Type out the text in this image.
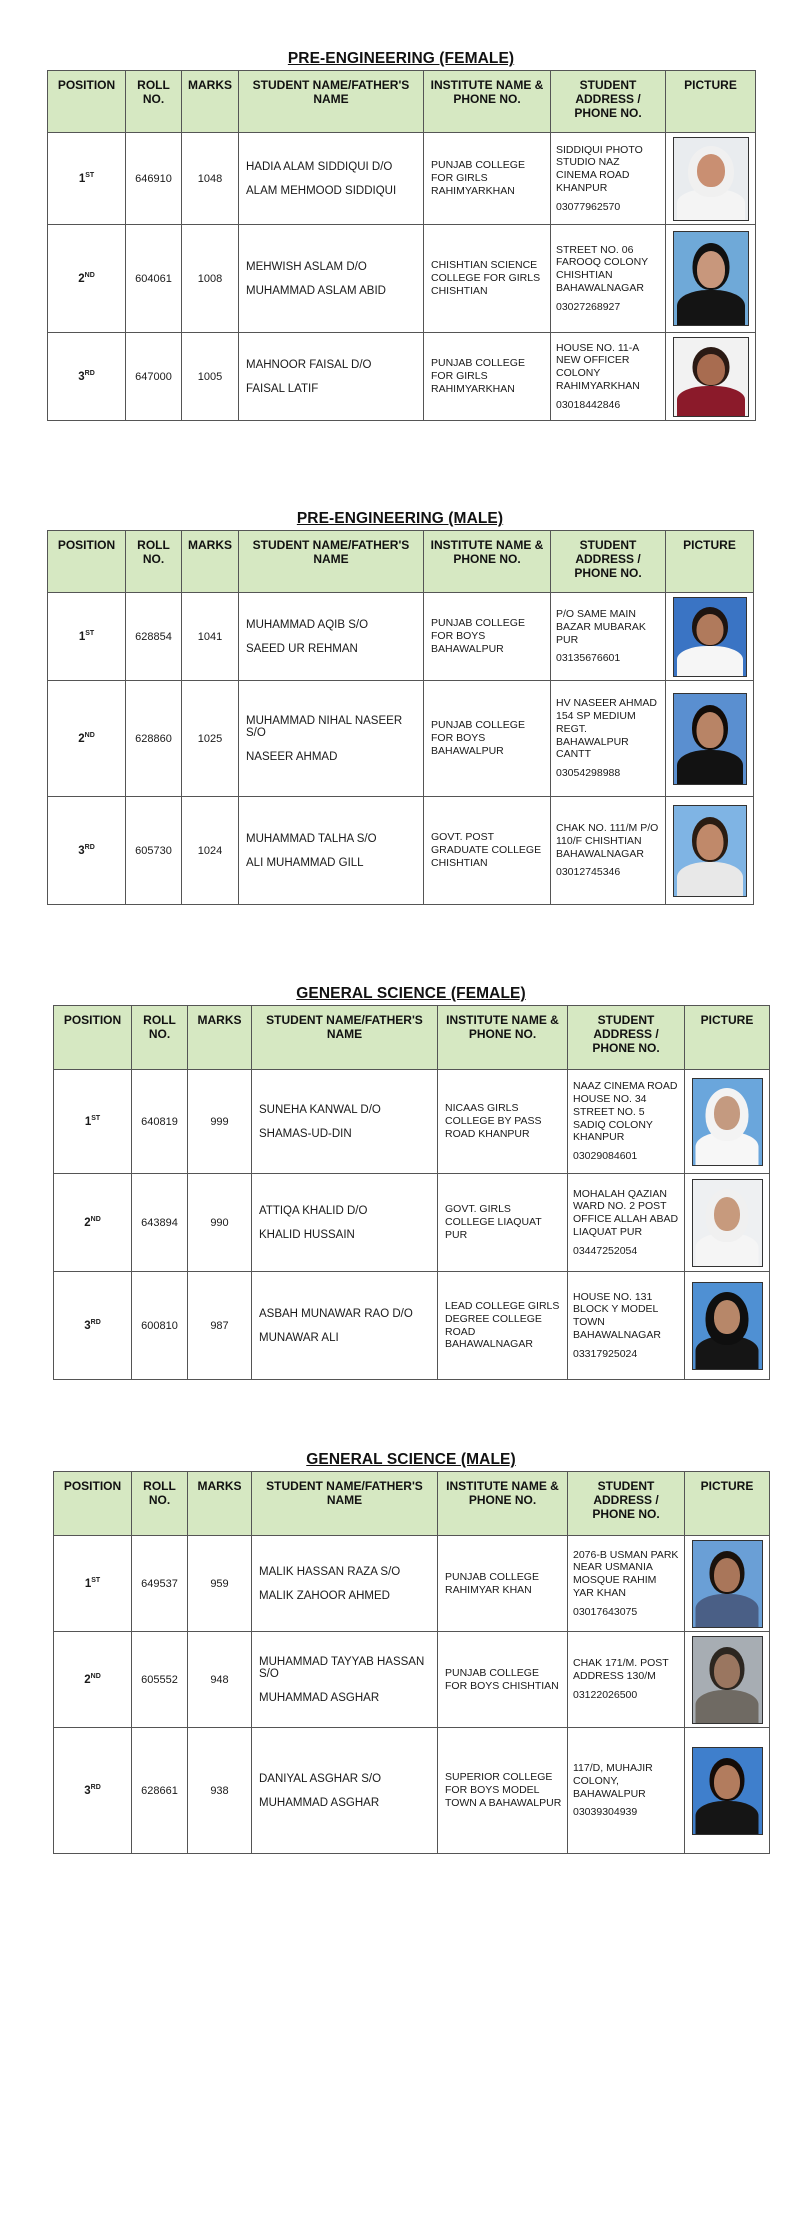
PRE-ENGINEERING (FEMALE)
POSITION	ROLL NO.	MARKS	STUDENT NAME/FATHER'S NAME	INSTITUTE NAME & PHONE NO.	STUDENT ADDRESS / PHONE NO.	PICTURE
1ST	646910	1048	HADIA ALAM SIDDIQUI D/O
ALAM MEHMOOD SIDDIQUI	PUNJAB COLLEGE FOR GIRLS RAHIMYARKHAN	SIDDIQUI PHOTO STUDIO NAZ CINEMA ROAD KHANPUR
03077962570	

2ND	604061	1008	MEHWISH ASLAM D/O
MUHAMMAD ASLAM ABID	CHISHTIAN SCIENCE COLLEGE FOR GIRLS CHISHTIAN	STREET NO. 06 FAROOQ COLONY CHISHTIAN BAHAWALNAGAR
03027268927	

3RD	647000	1005	MAHNOOR FAISAL D/O
FAISAL LATIF	PUNJAB COLLEGE FOR GIRLS RAHIMYARKHAN	HOUSE NO. 11-A NEW OFFICER COLONY RAHIMYARKHAN
03018442846	

PRE-ENGINEERING (MALE)
POSITION	ROLL NO.	MARKS	STUDENT NAME/FATHER'S NAME	INSTITUTE NAME & PHONE NO.	STUDENT ADDRESS / PHONE NO.	PICTURE
1ST	628854	1041	MUHAMMAD AQIB S/O
SAEED UR REHMAN	PUNJAB COLLEGE FOR BOYS BAHAWALPUR	P/O SAME MAIN BAZAR MUBARAK PUR
03135676601	

2ND	628860	1025	MUHAMMAD NIHAL NASEER S/O
NASEER AHMAD	PUNJAB COLLEGE FOR BOYS BAHAWALPUR	HV NASEER AHMAD 154 SP MEDIUM REGT. BAHAWALPUR CANTT
03054298988	

3RD	605730	1024	MUHAMMAD TALHA S/O
ALI MUHAMMAD GILL	GOVT. POST GRADUATE COLLEGE CHISHTIAN	CHAK NO. 111/M P/O 110/F CHISHTIAN BAHAWALNAGAR
03012745346	

GENERAL SCIENCE (FEMALE)
POSITION	ROLL NO.	MARKS	STUDENT NAME/FATHER'S NAME	INSTITUTE NAME & PHONE NO.	STUDENT ADDRESS / PHONE NO.	PICTURE
1ST	640819	999	SUNEHA KANWAL D/O
SHAMAS-UD-DIN	NICAAS GIRLS COLLEGE BY PASS ROAD KHANPUR	NAAZ CINEMA ROAD HOUSE NO. 34 STREET NO. 5 SADIQ COLONY KHANPUR
03029084601	

2ND	643894	990	ATTIQA KHALID D/O
KHALID HUSSAIN	GOVT. GIRLS COLLEGE LIAQUAT PUR	MOHALAH QAZIAN WARD NO. 2 POST OFFICE ALLAH ABAD LIAQUAT PUR
03447252054	

3RD	600810	987	ASBAH MUNAWAR RAO D/O
MUNAWAR ALI	LEAD COLLEGE GIRLS DEGREE COLLEGE ROAD BAHAWALNAGAR	HOUSE NO. 131 BLOCK Y MODEL TOWN BAHAWALNAGAR
03317925024	

GENERAL SCIENCE (MALE)
POSITION	ROLL NO.	MARKS	STUDENT NAME/FATHER'S NAME	INSTITUTE NAME & PHONE NO.	STUDENT ADDRESS / PHONE NO.	PICTURE
1ST	649537	959	MALIK HASSAN RAZA S/O
MALIK ZAHOOR AHMED	PUNJAB COLLEGE RAHIMYAR KHAN	2076-B USMAN PARK NEAR USMANIA MOSQUE RAHIM YAR KHAN
03017643075	

2ND	605552	948	MUHAMMAD TAYYAB HASSAN S/O
MUHAMMAD ASGHAR	PUNJAB COLLEGE FOR BOYS CHISHTIAN	CHAK 171/M. POST ADDRESS 130/M
03122026500	

3RD	628661	938	DANIYAL ASGHAR S/O
MUHAMMAD ASGHAR	SUPERIOR COLLEGE FOR BOYS MODEL TOWN A BAHAWALPUR	117/D, MUHAJIR COLONY, BAHAWALPUR
03039304939	
